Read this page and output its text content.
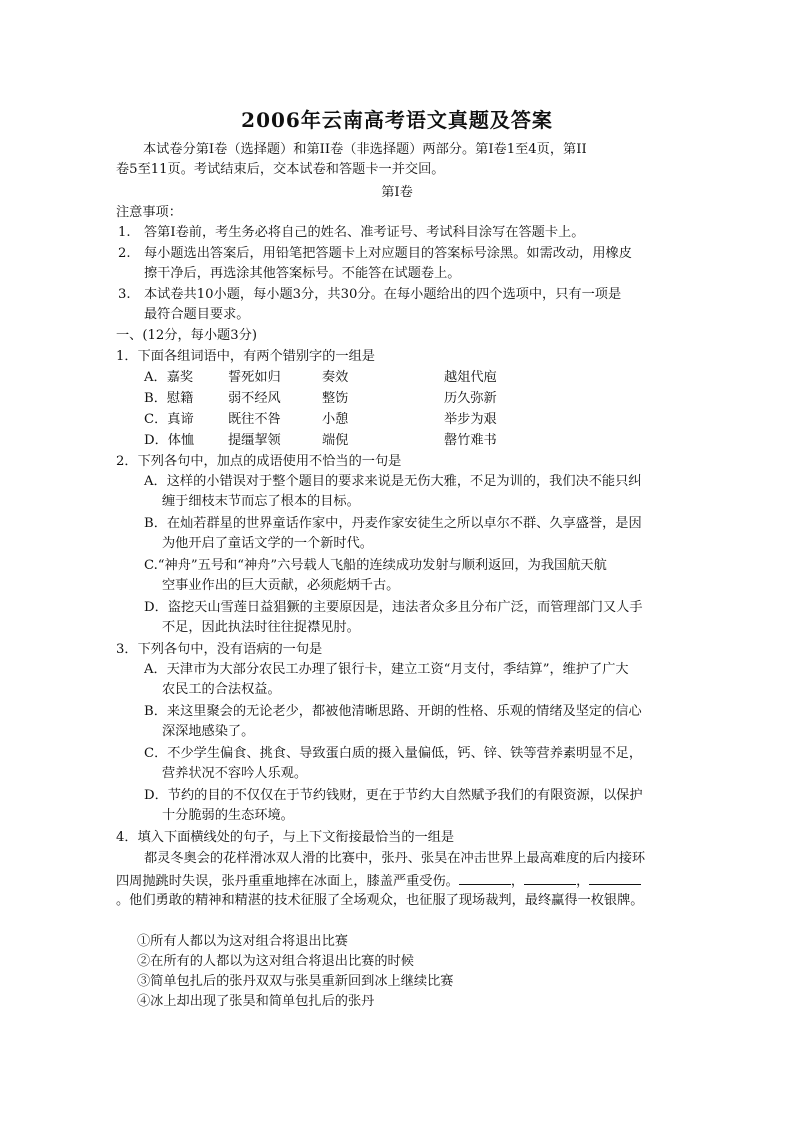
2006年云南高考语文真题及答案

本试卷分第Ⅰ卷（选择题）和第II卷（非选择题）两部分。第Ⅰ卷1至4页，第II

卷5至11页。考试结束后，交本试卷和答题卡一并交回。

第Ⅰ卷
注意事项：
1. 答第Ⅰ卷前，考生务必将自己的姓名、准考证号、考试科目涂写在答题卡上。
2. 每小题选出答案后，用铅笔把答题卡上对应题目的答案标号涂黑。如需改动，用橡皮
擦干净后，再选涂其他答案标号。不能答在试题卷上。
3. 本试卷共10小题，每小题3分，共30分。在每小题给出的四个选项中，只有一项是
最符合题目要求。
一、(12分，每小题3分)
1．下面各组词语中，有两个错别字的一组是
A．嘉奖	誓死如归	奏效	越俎代庖
B．慰籍	弱不经风	整饬	历久弥新
C．真谛	既往不咎	小憩	举步为艰
D．体恤	提缰挈领	端倪	罄竹难书
2．下列各句中，加点的成语使用不恰当的一句是
A．这样的小错误对于整个题目的要求来说是无伤大雅，不足为训的，我们决不能只纠
缠于细枝末节而忘了根本的目标。
B．在灿若群星的世界童话作家中，丹麦作家安徒生之所以卓尔不群、久享盛誉，是因
为他开启了童话文学的一个新时代。
C.“神舟”五号和“神舟”六号载人飞船的连续成功发射与顺利返回，为我国航天航
空事业作出的巨大贡献，必须彪炳千古。
D．盗挖天山雪莲日益猖獗的主要原因是，违法者众多且分布广泛，而管理部门又人手
不足，因此执法时往往捉襟见肘。
3．下列各句中，没有语病的一句是
A．天津市为大部分农民工办理了银行卡，建立工资“月支付，季结算”，维护了广大
农民工的合法权益。
B．来这里聚会的无论老少，都被他清晰思路、开朗的性格、乐观的情绪及坚定的信心
深深地感染了。
C．不少学生偏食、挑食、导致蛋白质的摄入量偏低，钙、锌、铁等营养素明显不足，
营养状况不容吟人乐观。
D．节约的目的不仅仅在于节约钱财，更在于节约大自然赋予我们的有限资源，以保护
十分脆弱的生态环境。
4．填入下面横线处的句子，与上下文衔接最恰当的一组是
都灵冬奥会的花样滑冰双人滑的比赛中，张丹、张昊在冲击世界上最高难度的后内接环
四周抛跳时失误，张丹重重地摔在冰面上，膝盖严重受伤。	，	，
。他们勇敢的精神和精湛的技术征服了全场观众，也征服了现场裁判，最终赢得一枚银牌。
①所有人都以为这对组合将退出比赛
②在所有的人都以为这对组合将退出比赛的时候
③简单包扎后的张丹双双与张昊重新回到冰上继续比赛
④冰上却出现了张昊和简单包扎后的张丹
